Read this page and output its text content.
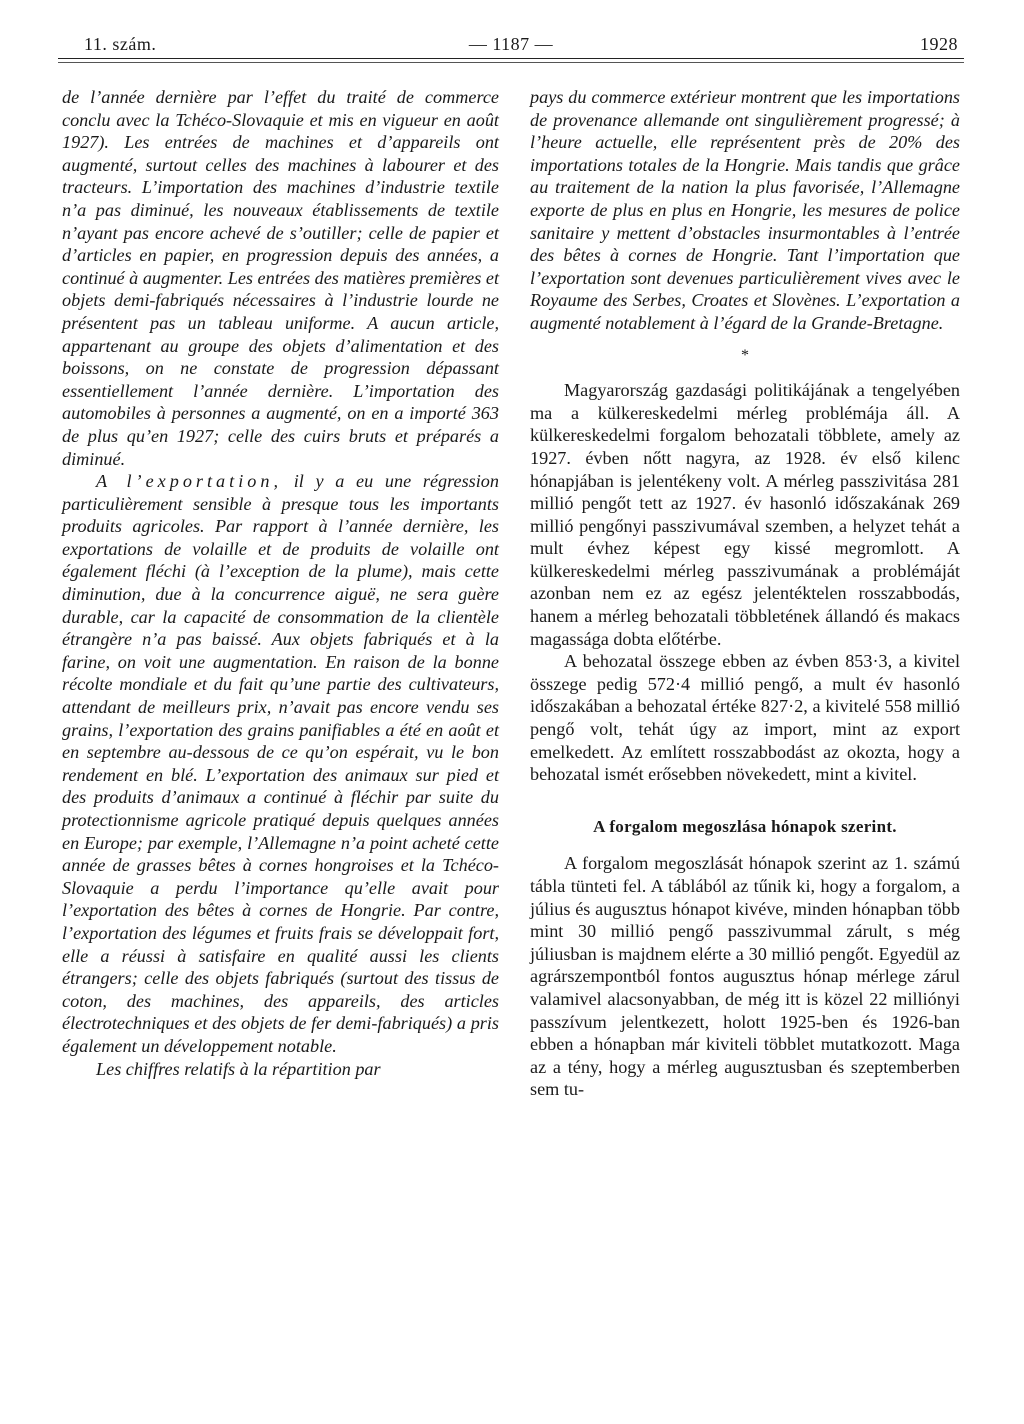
11. szám.	— 1187 —	1928

de l’année dernière par l’effet du traité de commerce conclu avec la Tchéco-Slovaquie et mis en vigueur en août 1927). Les entrées de machines et d’appareils ont augmenté, surtout celles des machines à labourer et des tracteurs. L’importation des machines d’industrie textile n’a pas diminué, les nouveaux établissements de textile n’ayant pas encore achevé de s’outiller; celle de papier et d’articles en papier, en progression depuis des années, a continué à augmenter. Les entrées des matières premières et objets demi-fabriqués nécessaires à l’industrie lourde ne présentent pas un tableau uniforme. A aucun article, appartenant au groupe des objets d’alimentation et des boissons, on ne constate de progression dépassant essentiellement l’année dernière. L’importation des automobiles à personnes a augmenté, on en a importé 363 de plus qu’en 1927; celle des cuirs bruts et préparés a diminué.

A l’exportation, il y a eu une régression particulièrement sensible à presque tous les importants produits agricoles. Par rapport à l’année dernière, les exportations de volaille et de produits de volaille ont également fléchi (à l’exception de la plume), mais cette diminution, due à la concurrence aiguë, ne sera guère durable, car la capacité de consommation de la clientèle étrangère n’a pas baissé. Aux objets fabriqués et à la farine, on voit une augmentation. En raison de la bonne récolte mondiale et du fait qu’une partie des cultivateurs, attendant de meilleurs prix, n’avait pas encore vendu ses grains, l’exportation des grains panifiables a été en août et en septembre au-dessous de ce qu’on espérait, vu le bon rendement en blé. L’exportation des animaux sur pied et des produits d’animaux a continué à fléchir par suite du protectionnisme agricole pratiqué depuis quelques années en Europe; par exemple, l’Allemagne n’a point acheté cette année de grasses bêtes à cornes hongroises et la Tchéco-Slovaquie a perdu l’importance qu’elle avait pour l’exportation des bêtes à cornes de Hongrie. Par contre, l’exportation des légumes et fruits frais se développait fort, elle a réussi à satisfaire en qualité aussi les clients étrangers; celle des objets fabriqués (surtout des tissus de coton, des machines, des appareils, des articles électrotechniques et des objets de fer demi-fabriqués) a pris également un développement notable.

Les chiffres relatifs à la répartition par

pays du commerce extérieur montrent que les importations de provenance allemande ont singulièrement progressé; à l’heure actuelle, elle représentent près de 20% des importations totales de la Hongrie. Mais tandis que grâce au traitement de la nation la plus favorisée, l’Allemagne exporte de plus en plus en Hongrie, les mesures de police sanitaire y mettent d’obstacles insurmontables à l’entrée des bêtes à cornes de Hongrie. Tant l’importation que l’exportation sont devenues particulièrement vives avec le Royaume des Serbes, Croates et Slovènes. L’exportation a augmenté notablement à l’égard de la Grande-Bretagne.

*

Magyarország gazdasági politikájának a tengelyében ma a külkereskedelmi mérleg problémája áll. A külkereskedelmi forgalom behozatali többlete, amely az 1927. évben nőtt nagyra, az 1928. év első kilenc hónapjában is jelentékeny volt. A mérleg passzivitása 281 millió pengőt tett az 1927. év hasonló időszakának 269 millió pengőnyi passzivumával szemben, a helyzet tehát a mult évhez képest egy kissé megromlott. A külkereskedelmi mérleg passzivumának a problémáját azonban nem ez az egész jelentéktelen rosszabbodás, hanem a mérleg behozatali többletének állandó és makacs magassága dobta előtérbe.

A behozatal összege ebben az évben 853·3, a kivitel összege pedig 572·4 millió pengő, a mult év hasonló időszakában a behozatal értéke 827·2, a kivitelé 558 millió pengő volt, tehát úgy az import, mint az export emelkedett. Az említett rosszabbodást az okozta, hogy a behozatal ismét erősebben növekedett, mint a kivitel.

A forgalom megoszlása hónapok szerint.

A forgalom megoszlását hónapok szerint az 1. számú tábla tünteti fel. A táblából az tűnik ki, hogy a forgalom, a július és augusztus hónapot kivéve, minden hónapban több mint 30 millió pengő passzivummal zárult, s még júliusban is majdnem elérte a 30 millió pengőt. Egyedül az agrárszempontból fontos augusztus hónap mérlege zárul valamivel alacsonyabban, de még itt is közel 22 milliónyi passzívum jelentkezett, holott 1925-ben és 1926-ban ebben a hónapban már kiviteli többlet mutatkozott. Maga az a tény, hogy a mérleg augusztusban és szeptemberben sem tu-
